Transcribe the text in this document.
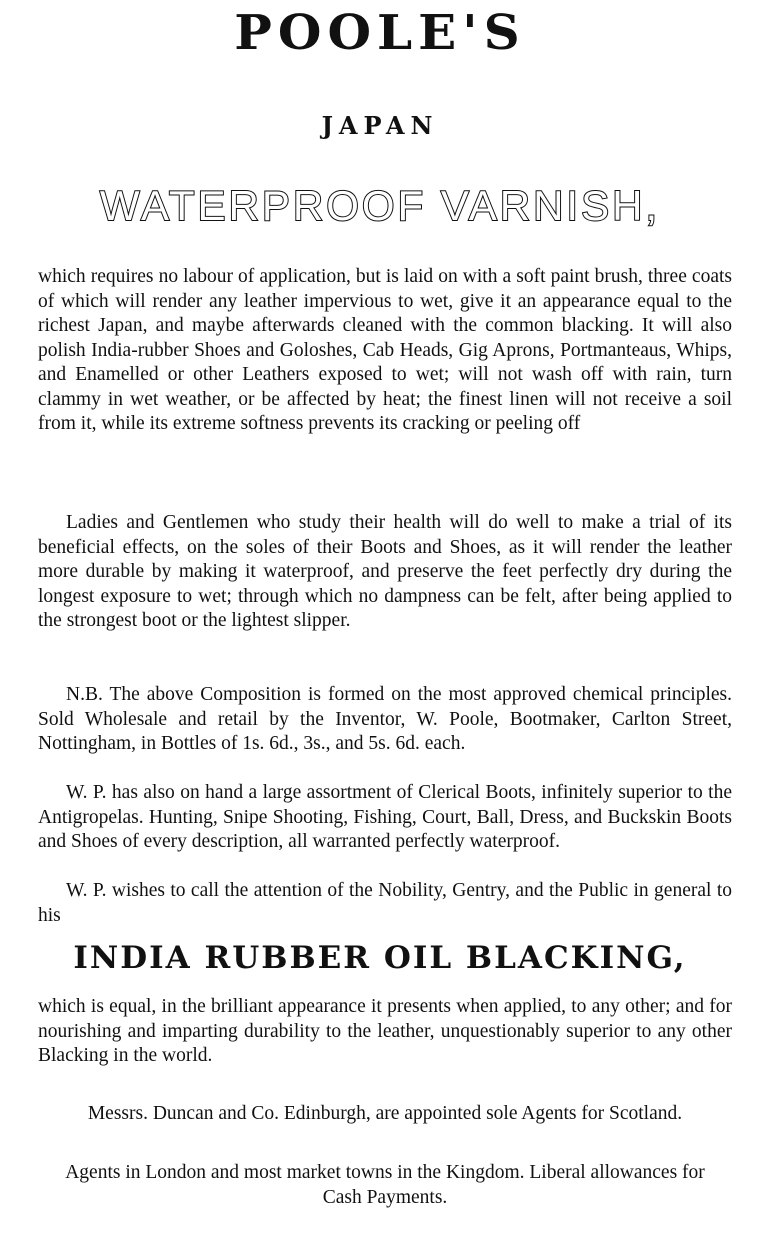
POOLE'S
JAPAN
WATERPROOF VARNISH,

which requires no labour of application, but is laid on with a soft paint brush, three coats of which will render any leather impervious to wet, give it an appearance equal to the richest Japan, and maybe afterwards cleaned with the common blacking. It will also polish India-rubber Shoes and Goloshes, Cab Heads, Gig Aprons, Portmanteaus, Whips, and Enamelled or other Leathers exposed to wet; will not wash off with rain, turn clammy in wet weather, or be affected by heat; the finest linen will not receive a soil from it, while its extreme softness prevents its cracking or peeling off

Ladies and Gentlemen who study their health will do well to make a trial of its beneficial effects, on the soles of their Boots and Shoes, as it will render the leather more durable by making it waterproof, and preserve the feet perfectly dry during the longest exposure to wet; through which no dampness can be felt, after being applied to the strongest boot or the lightest slipper.

N.B. The above Composition is formed on the most approved chemical principles. Sold Wholesale and retail by the Inventor, W. Poole, Bootmaker, Carlton Street, Nottingham, in Bottles of 1s. 6d., 3s., and 5s. 6d. each.

W. P. has also on hand a large assortment of Clerical Boots, infinitely superior to the Antigropelas. Hunting, Snipe Shooting, Fishing, Court, Ball, Dress, and Buckskin Boots and Shoes of every description, all warranted perfectly waterproof.

W. P. wishes to call the attention of the Nobility, Gentry, and the Public in general to his

INDIA RUBBER OIL BLACKING,

which is equal, in the brilliant appearance it presents when applied, to any other; and for nourishing and imparting durability to the leather, unquestionably superior to any other Blacking in the world.

Messrs. Duncan and Co. Edinburgh, are appointed sole Agents for Scotland.

Agents in London and most market towns in the Kingdom. Liberal allowances for Cash Payments.
